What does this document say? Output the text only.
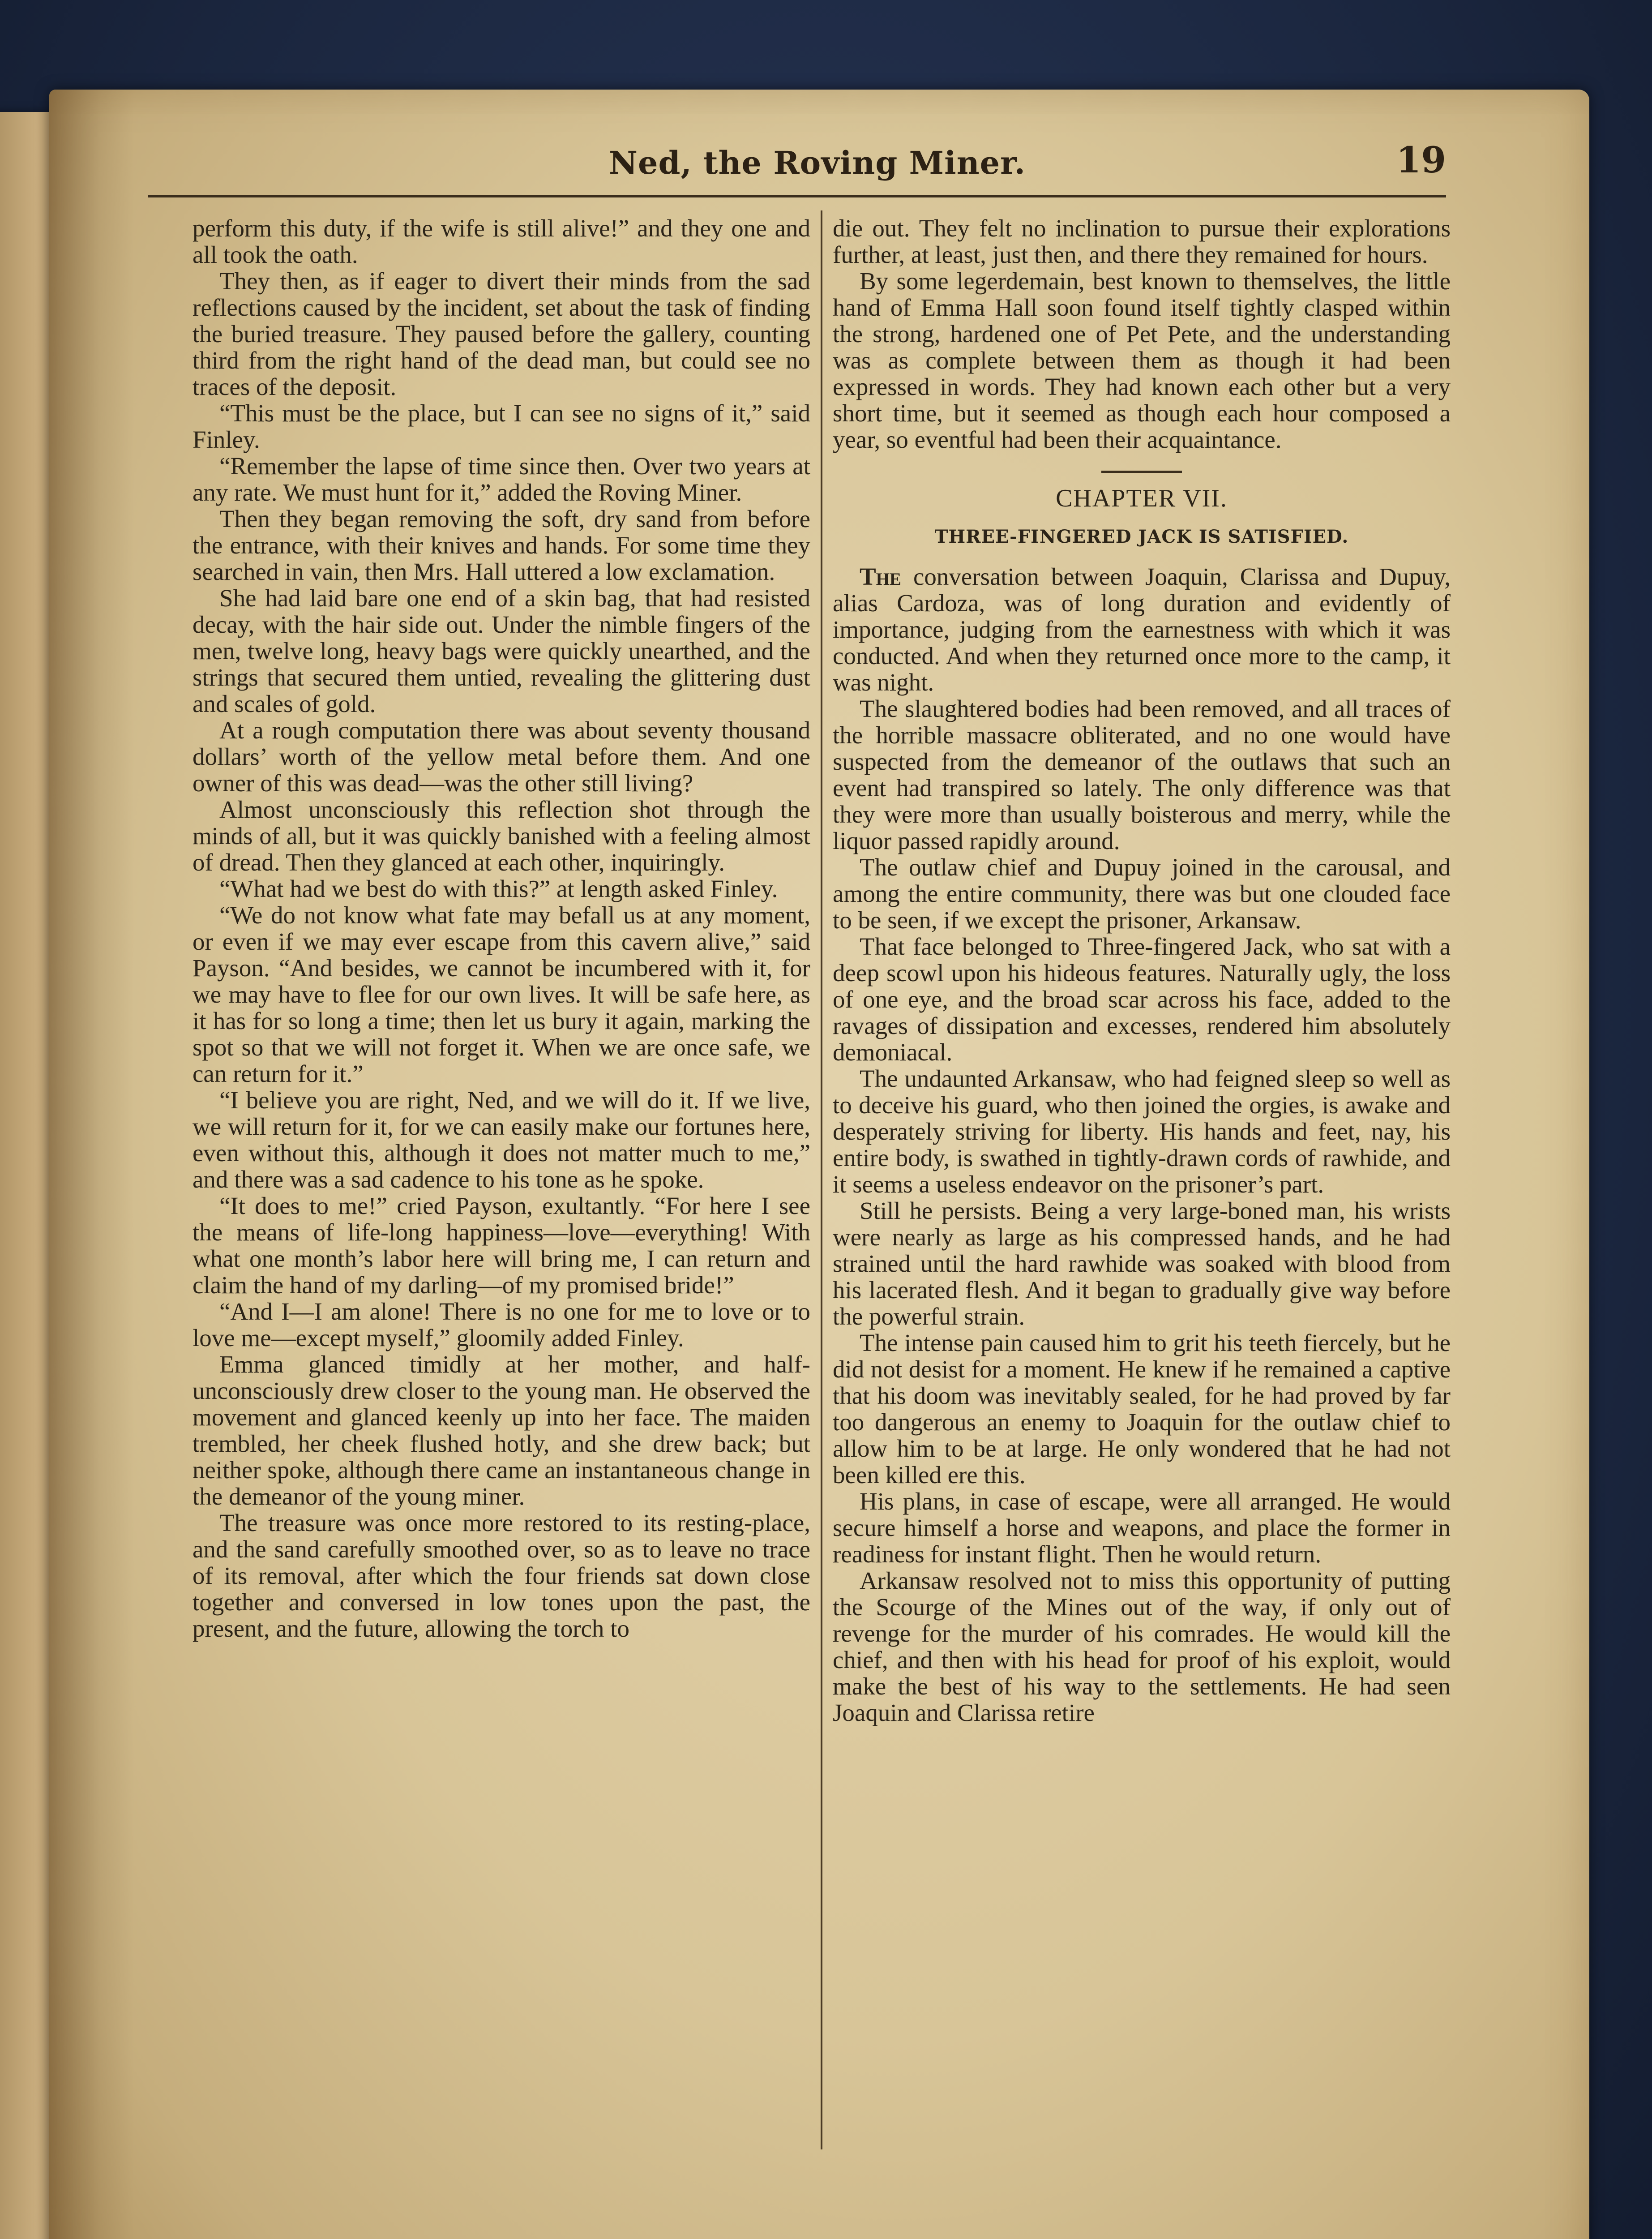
Ned, the Roving Miner.	19

perform this duty, if the wife is still alive!” and they one and all took the oath.

They then, as if eager to divert their minds from the sad reflections caused by the incident, set about the task of finding the buried treasure. They paused before the gallery, counting third from the right hand of the dead man, but could see no traces of the deposit.

“This must be the place, but I can see no signs of it,” said Finley.

“Remember the lapse of time since then. Over two years at any rate. We must hunt for it,” added the Roving Miner.

Then they began removing the soft, dry sand from before the entrance, with their knives and hands. For some time they searched in vain, then Mrs. Hall uttered a low exclamation.

She had laid bare one end of a skin bag, that had resisted decay, with the hair side out. Under the nimble fingers of the men, twelve long, heavy bags were quickly unearthed, and the strings that secured them untied, revealing the glittering dust and scales of gold.

At a rough computation there was about seventy thousand dollars’ worth of the yellow metal before them. And one owner of this was dead—was the other still living?

Almost unconsciously this reflection shot through the minds of all, but it was quickly banished with a feeling almost of dread. Then they glanced at each other, inquiringly.

“What had we best do with this?” at length asked Finley.

“We do not know what fate may befall us at any moment, or even if we may ever escape from this cavern alive,” said Payson. “And besides, we cannot be incumbered with it, for we may have to flee for our own lives. It will be safe here, as it has for so long a time; then let us bury it again, marking the spot so that we will not forget it. When we are once safe, we can return for it.”

“I believe you are right, Ned, and we will do it. If we live, we will return for it, for we can easily make our fortunes here, even without this, although it does not matter much to me,” and there was a sad cadence to his tone as he spoke.

“It does to me!” cried Payson, exultantly. “For here I see the means of life-long happiness—love—everything! With what one month’s labor here will bring me, I can return and claim the hand of my darling—of my promised bride!”

“And I—I am alone! There is no one for me to love or to love me—except myself,” gloomily added Finley.

Emma glanced timidly at her mother, and half-unconsciously drew closer to the young man. He observed the movement and glanced keenly up into her face. The maiden trembled, her cheek flushed hotly, and she drew back; but neither spoke, although there came an instantaneous change in the demeanor of the young miner.

The treasure was once more restored to its resting-place, and the sand carefully smoothed over, so as to leave no trace of its removal, after which the four friends sat down close together and conversed in low tones upon the past, the present, and the future, allowing the torch to

die out. They felt no inclination to pursue their explorations further, at least, just then, and there they remained for hours.

By some legerdemain, best known to themselves, the little hand of Emma Hall soon found itself tightly clasped within the strong, hardened one of Pet Pete, and the understanding was as complete between them as though it had been expressed in words. They had known each other but a very short time, but it seemed as though each hour composed a year, so eventful had been their acquaintance.

CHAPTER VII.
THREE-FINGERED JACK IS SATISFIED.

The conversation between Joaquin, Clarissa and Dupuy, alias Cardoza, was of long duration and evidently of importance, judging from the earnestness with which it was conducted. And when they returned once more to the camp, it was night.

The slaughtered bodies had been removed, and all traces of the horrible massacre obliterated, and no one would have suspected from the demeanor of the outlaws that such an event had transpired so lately. The only difference was that they were more than usually boisterous and merry, while the liquor passed rapidly around.

The outlaw chief and Dupuy joined in the carousal, and among the entire community, there was but one clouded face to be seen, if we except the prisoner, Arkansaw.

That face belonged to Three-fingered Jack, who sat with a deep scowl upon his hideous features. Naturally ugly, the loss of one eye, and the broad scar across his face, added to the ravages of dissipation and excesses, rendered him absolutely demoniacal.

The undaunted Arkansaw, who had feigned sleep so well as to deceive his guard, who then joined the orgies, is awake and desperately striving for liberty. His hands and feet, nay, his entire body, is swathed in tightly-drawn cords of rawhide, and it seems a useless endeavor on the prisoner’s part.

Still he persists. Being a very large-boned man, his wrists were nearly as large as his compressed hands, and he had strained until the hard rawhide was soaked with blood from his lacerated flesh. And it began to gradually give way before the powerful strain.

The intense pain caused him to grit his teeth fiercely, but he did not desist for a moment. He knew if he remained a captive that his doom was inevitably sealed, for he had proved by far too dangerous an enemy to Joaquin for the outlaw chief to allow him to be at large. He only wondered that he had not been killed ere this.

His plans, in case of escape, were all arranged. He would secure himself a horse and weapons, and place the former in readiness for instant flight. Then he would return.

Arkansaw resolved not to miss this opportunity of putting the Scourge of the Mines out of the way, if only out of revenge for the murder of his comrades. He would kill the chief, and then with his head for proof of his exploit, would make the best of his way to the settlements. He had seen Joaquin and Clarissa retire
